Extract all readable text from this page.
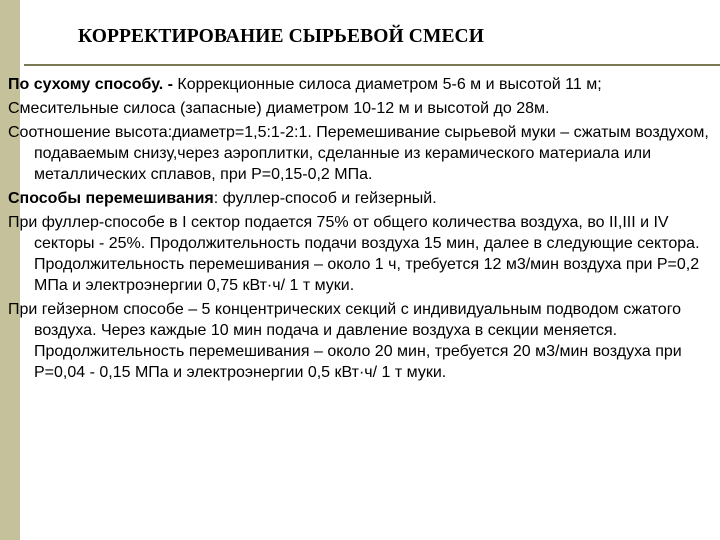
КОРРЕКТИРОВАНИЕ СЫРЬЕВОЙ СМЕСИ

По сухому способу. - Коррекционные силоса диаметром 5-6 м и высотой 11 м;

Смесительные силоса (запасные) диаметром 10-12 м и высотой до 28м.

Соотношение высота:диаметр=1,5:1-2:1. Перемешивание сырьевой муки – сжатым воздухом, подаваемым снизу,через аэроплитки, сделанные из керамического материала или металлических сплавов, при Р=0,15-0,2 МПа.

Способы перемешивания: фуллер-способ и гейзерный.

При фуллер-способе в I сектор подается 75% от общего количества воздуха, во II,III и IV секторы - 25%. Продолжительность подачи воздуха 15 мин, далее в следующие сектора. Продолжительность перемешивания – около 1 ч, требуется 12 м3/мин воздуха при Р=0,2 МПа и электроэнергии 0,75 кВт·ч/ 1 т муки.

При гейзерном способе – 5 концентрических секций с индивидуальным подводом сжатого воздуха. Через каждые 10 мин подача и давление воздуха в секции меняется. Продолжительность перемешивания – около 20 мин, требуется 20 м3/мин воздуха при Р=0,04 - 0,15 МПа и электроэнергии 0,5 кВт·ч/ 1 т муки.
